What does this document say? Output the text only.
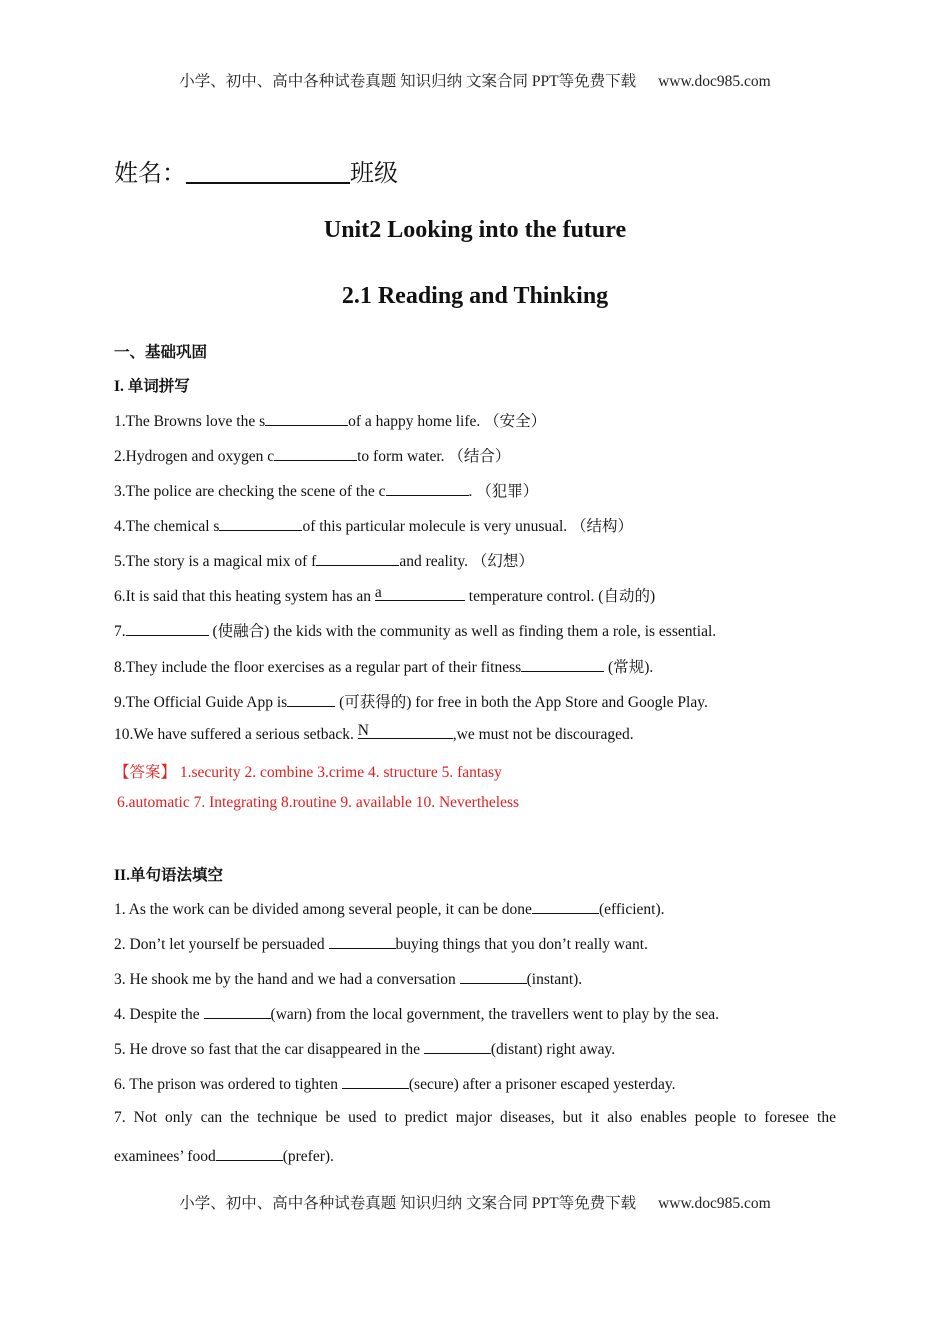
小学、初中、高中各种试卷真题 知识归纳 文案合同 PPT等免费下载 www.doc985.com
姓名：	班级
Unit2 Looking into the future
2.1 Reading and Thinking
一、基础巩固
I. 单词拼写
1.The Browns love the s	of a happy home life. （安全）
2.Hydrogen and oxygen c	to form water. （结合）
3.The police are checking the scene of the c	. （犯罪）
4.The chemical s	of this particular molecule is very unusual. （结构）
5.The story is a magical mix of f	and reality. （幻想）
6.It is said that this heating system has an a	temperature control. (自动的)
7.	(使融合) the kids with the community as well as finding them a role, is essential.
8.They include the floor exercises as a regular part of their fitness	(常规).
9.The Official Guide App is	(可获得的) for free in both the App Store and Google Play.
10.We have suffered a serious setback. N	,we must not be discouraged.
【答案】 1.security 2. combine 3.crime 4. structure 5. fantasy
6.automatic 7. Integrating 8.routine 9. available 10. Nevertheless
II.单句语法填空
1. As the work can be divided among several people, it can be done	(efficient).
2. Don’t let yourself be persuaded	buying things that you don’t really want.
3. He shook me by the hand and we had a conversation	(instant).
4. Despite the	(warn) from the local government, the travellers went to play by the sea.
5. He drove so fast that the car disappeared in the	(distant) right away.
6. The prison was ordered to tighten	(secure) after a prisoner escaped yesterday.
7. Not only can the technique be used to predict major diseases, but it also enables people to foresee the
examinees’ food	(prefer).
小学、初中、高中各种试卷真题 知识归纳 文案合同 PPT等免费下载 www.doc985.com
